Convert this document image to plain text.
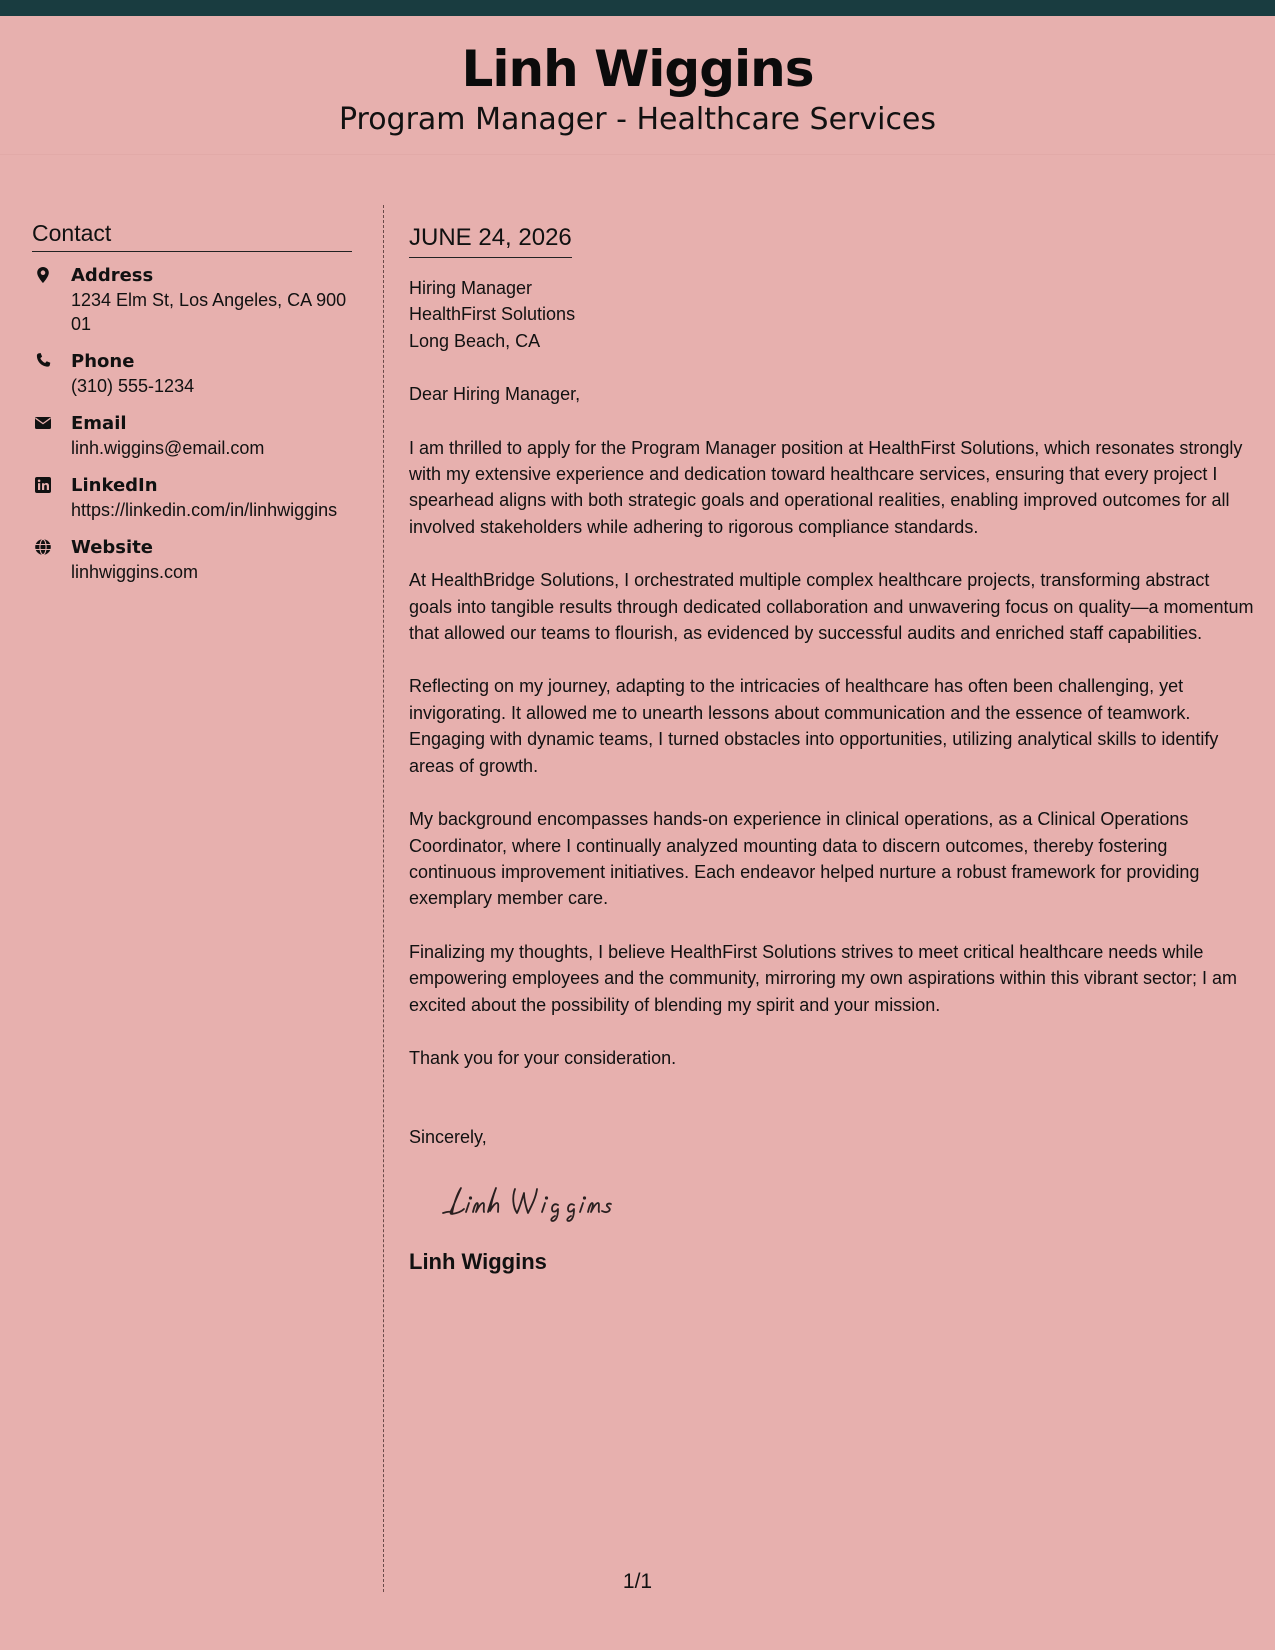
Linh Wiggins
Program Manager - Healthcare Services
Contact
Address
1234 Elm St, Los Angeles, CA 90001
Phone
(310) 555-1234
Email
linh.wiggins@email.com
LinkedIn
https://linkedin.com/in/linhwiggins
Website
linhwiggins.com
JUNE 24, 2026
Hiring Manager
HealthFirst Solutions
Long Beach, CA
Dear Hiring Manager,

I am thrilled to apply for the Program Manager position at HealthFirst Solutions, which resonates strongly with my extensive experience and dedication toward healthcare services, ensuring that every project I spearhead aligns with both strategic goals and operational realities, enabling improved outcomes for all involved stakeholders while adhering to rigorous compliance standards.

At HealthBridge Solutions, I orchestrated multiple complex healthcare projects, transforming abstract goals into tangible results through dedicated collaboration and unwavering focus on quality—a momentum that allowed our teams to flourish, as evidenced by successful audits and enriched staff capabilities.

Reflecting on my journey, adapting to the intricacies of healthcare has often been challenging, yet invigorating. It allowed me to unearth lessons about communication and the essence of teamwork. Engaging with dynamic teams, I turned obstacles into opportunities, utilizing analytical skills to identify areas of growth.

My background encompasses hands-on experience in clinical operations, as a Clinical Operations Coordinator, where I continually analyzed mounting data to discern outcomes, thereby fostering continuous improvement initiatives. Each endeavor helped nurture a robust framework for providing exemplary member care.

Finalizing my thoughts, I believe HealthFirst Solutions strives to meet critical healthcare needs while empowering employees and the community, mirroring my own aspirations within this vibrant sector; I am excited about the possibility of blending my spirit and your mission.

Thank you for your consideration.

Sincerely,
Linh Wiggins
1/1
